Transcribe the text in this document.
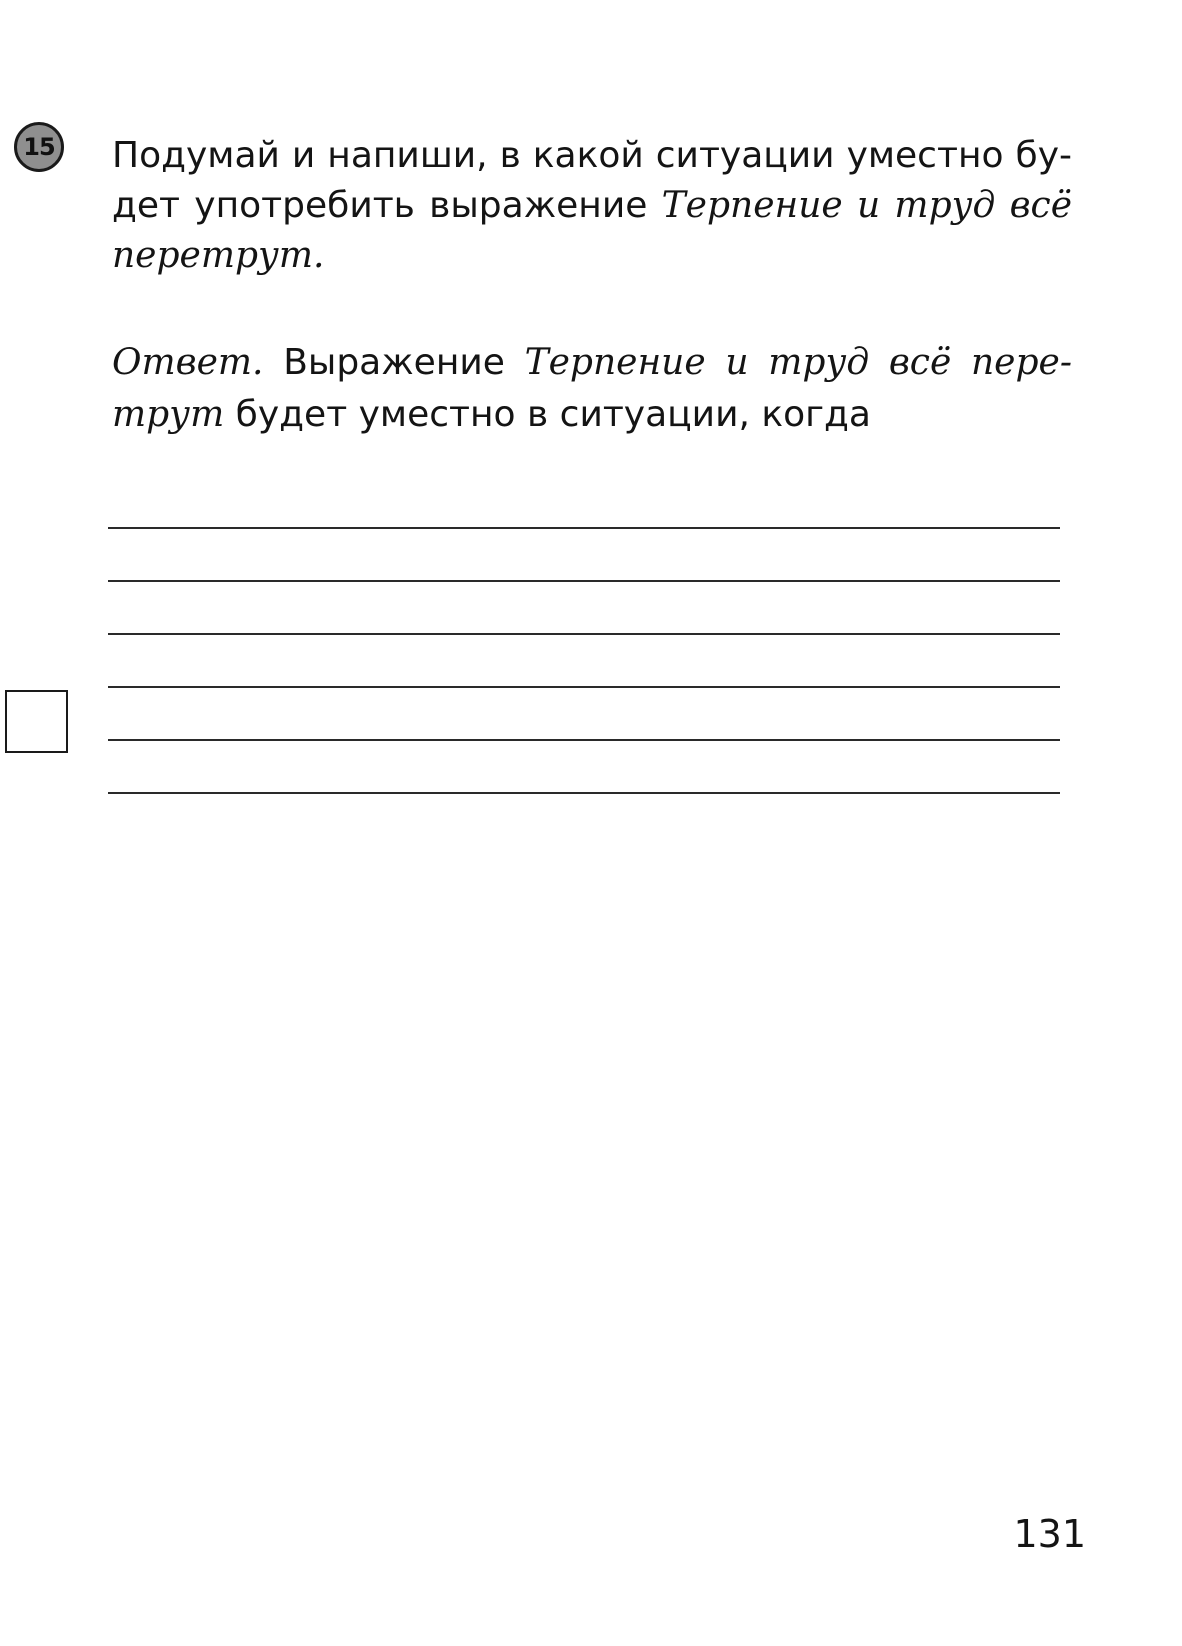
15 Подумай и напиши, в какой ситуации уместно бу-дет употребить выражение Терпение и труд всё перетрут.
Ответ. Выражение Терпение и труд всё пере-трут будет уместно в ситуации, когда
131
